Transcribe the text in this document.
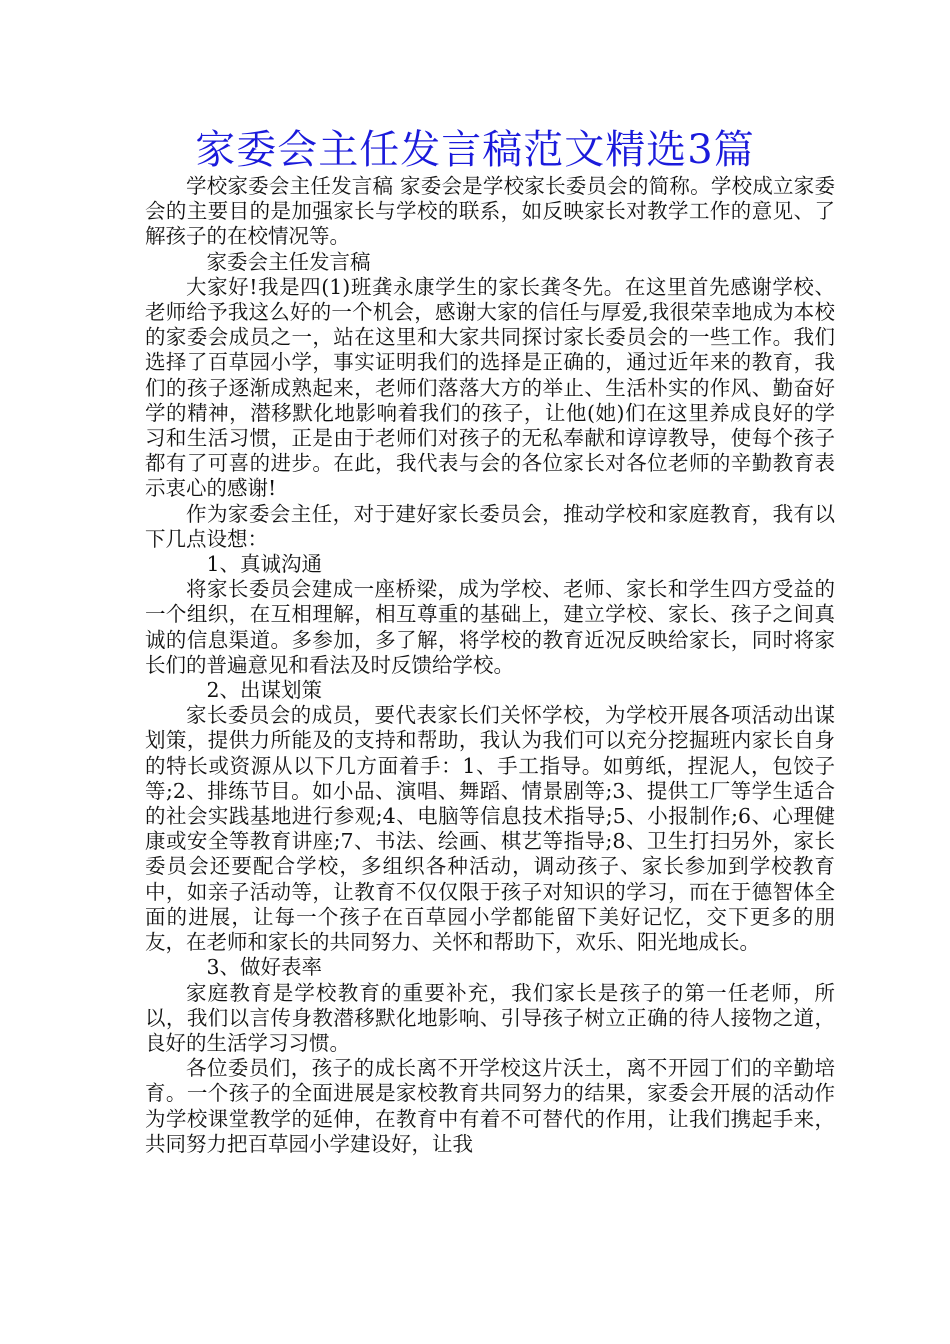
家委会主任发言稿范文精选3篇

学校家委会主任发言稿 家委会是学校家长委员会的简称。学校成立家委会的主要目的是加强家长与学校的联系，如反映家长对教学工作的意见、了解孩子的在校情况等。

家委会主任发言稿

大家好!我是四(1)班龚永康学生的家长龚冬先。在这里首先感谢学校、老师给予我这么好的一个机会，感谢大家的信任与厚爱,我很荣幸地成为本校的家委会成员之一，站在这里和大家共同探讨家长委员会的一些工作。我们选择了百草园小学，事实证明我们的选择是正确的，通过近年来的教育，我们的孩子逐渐成熟起来，老师们落落大方的举止、生活朴实的作风、勤奋好学的精神，潜移默化地影响着我们的孩子，让他(她)们在这里养成良好的学习和生活习惯，正是由于老师们对孩子的无私奉献和谆谆教导，使每个孩子都有了可喜的进步。在此，我代表与会的各位家长对各位老师的辛勤教育表示衷心的感谢!

作为家委会主任，对于建好家长委员会，推动学校和家庭教育，我有以下几点设想：

1、真诚沟通

将家长委员会建成一座桥梁，成为学校、老师、家长和学生四方受益的一个组织，在互相理解，相互尊重的基础上，建立学校、家长、孩子之间真诚的信息渠道。多参加，多了解，将学校的教育近况反映给家长，同时将家长们的普遍意见和看法及时反馈给学校。

2、出谋划策

家长委员会的成员，要代表家长们关怀学校，为学校开展各项活动出谋划策，提供力所能及的支持和帮助，我认为我们可以充分挖掘班内家长自身的特长或资源从以下几方面着手：1、手工指导。如剪纸，捏泥人，包饺子等;2、排练节目。如小品、演唱、舞蹈、情景剧等;3、提供工厂等学生适合的社会实践基地进行参观;4、电脑等信息技术指导;5、小报制作;6、心理健康或安全等教育讲座;7、书法、绘画、棋艺等指导;8、卫生打扫另外，家长委员会还要配合学校，多组织各种活动，调动孩子、家长参加到学校教育中，如亲子活动等，让教育不仅仅限于孩子对知识的学习，而在于德智体全面的进展，让每一个孩子在百草园小学都能留下美好记忆，交下更多的朋友，在老师和家长的共同努力、关怀和帮助下，欢乐、阳光地成长。

3、做好表率

家庭教育是学校教育的重要补充，我们家长是孩子的第一任老师，所以，我们以言传身教潜移默化地影响、引导孩子树立正确的待人接物之道，良好的生活学习习惯。

各位委员们，孩子的成长离不开学校这片沃土，离不开园丁们的辛勤培育。一个孩子的全面进展是家校教育共同努力的结果，家委会开展的活动作为学校课堂教学的延伸，在教育中有着不可替代的作用，让我们携起手来，共同努力把百草园小学建设好，让我
